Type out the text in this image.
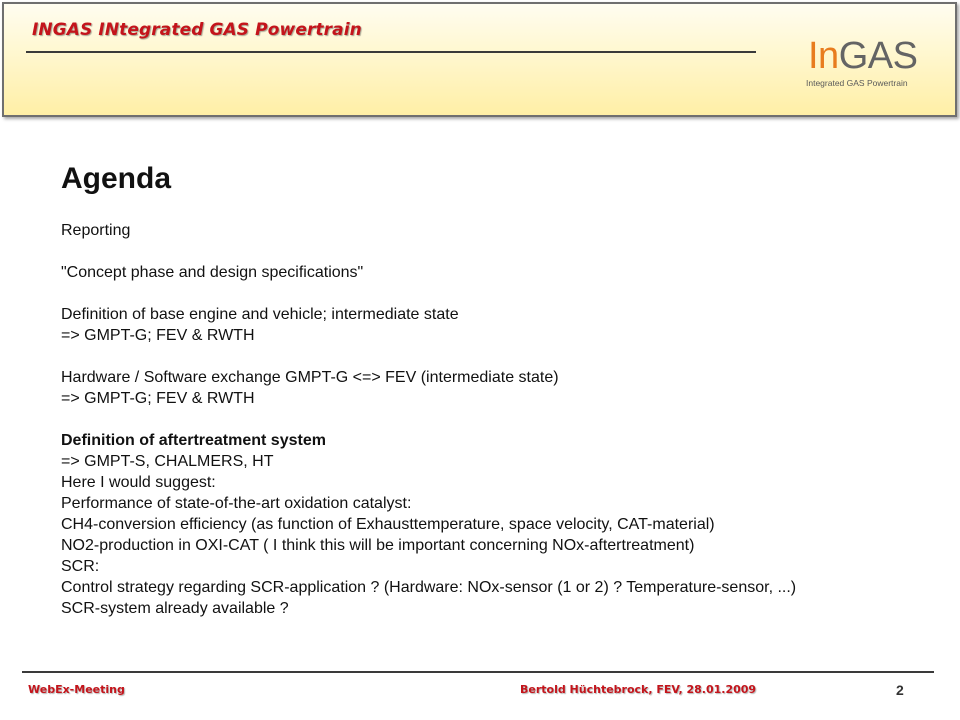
INGAS INtegrated GAS Powertrain
InGAS
Integrated GAS Powertrain
Agenda
Reporting
"Concept phase and design specifications"
Definition of base engine and vehicle; intermediate state
=> GMPT-G; FEV & RWTH
Hardware / Software exchange GMPT-G <=> FEV (intermediate state)
=> GMPT-G; FEV & RWTH
Definition of aftertreatment system
=> GMPT-S, CHALMERS, HT
Here I would suggest:
Performance of state-of-the-art oxidation catalyst:
CH4-conversion efficiency (as function of Exhausttemperature, space velocity, CAT-material)
NO2-production in OXI-CAT ( I think this will be important concerning NOx-aftertreatment)
SCR:
Control strategy regarding SCR-application ? (Hardware: NOx-sensor (1 or 2) ? Temperature-sensor, ...)
SCR-system already available ?
WebEx-Meeting	Bertold Hüchtebrock, FEV, 28.01.2009	2
